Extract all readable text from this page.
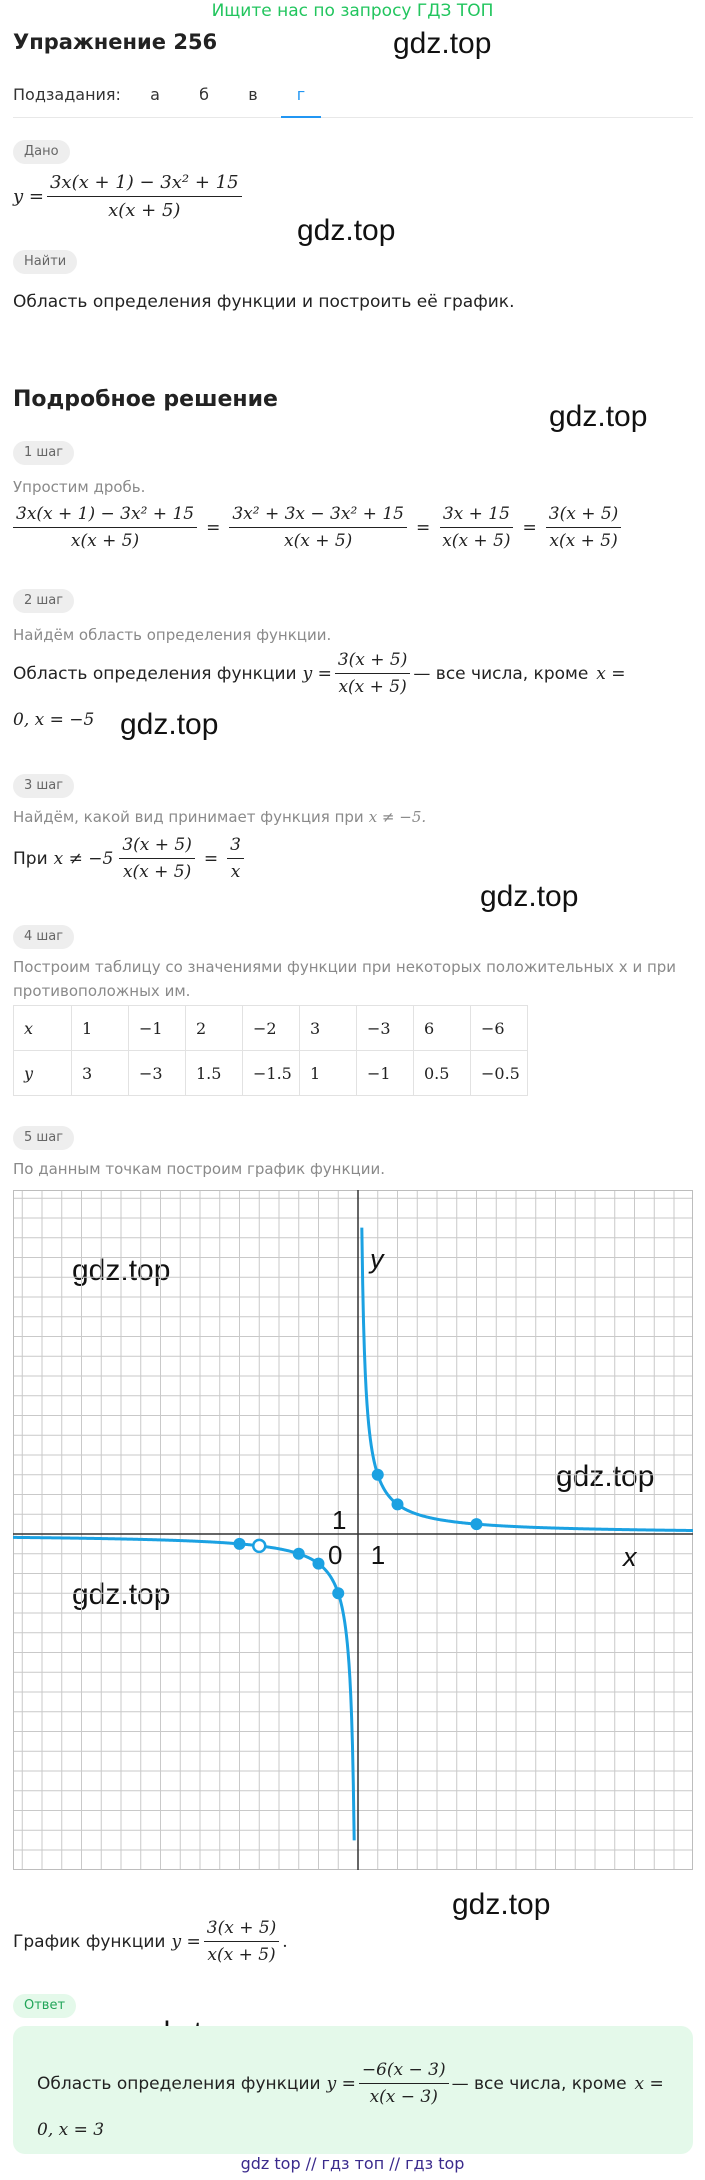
Ищите нас по запросу ГДЗ ТОП
Упражнение 256	gdz.top
gdz.top
gdz.top
gdz.top
gdz.top
gdz.top
gdz.top
gdz.top
gdz.top
Подзадания:	а	б	в	г
Дано
$y = \frac{\text{3x(x + 1) − 3x² + 15}}{x(x + 5)}$
Найти
Область определения функции и построить её график.
Подробное решение
1 шаг
Упростим дробь.
$\frac{\text{3x(x + 1) − 3x² + 15}}{x(x + 5)} = \frac{\text{3x² + 3x − 3x² + 15}}{x(x + 5)} = \frac{3x + 15}{x(x + 5)} = \frac{3(x + 5)}{x(x + 5)}$
2 шаг
Найдём область определения функции.
Область определения функции $y = \frac{3(x + 5)}{x(x + 5)}$ — все числа, кроме x =
0, x = −5
3 шаг
Найдём, какой вид принимает функция при x ≠ −5.
При $x \ne -5 \frac{3(x + 5)}{x(x + 5)} = \frac{3}{x}$
4 шаг
Построим таблицу со значениями функции при некоторых положительных x и при
противоположных им.
x	1	−1	2	−2	3	−3	6	−6
y	3	−3	1.5	−1.5	1	−1	0.5	−0.5
5 шаг
По данным точкам построим график функции.
y
x
0 1
1
График функции $y = \frac{3(x + 5)}{x(x + 5)}$ .
Ответ
Область определения функции $y = \frac{-6(x - 3)}{x(x - 3)}$ — все числа, кроме x =
0, x = 3
gdz top // гдз топ // гдз top
